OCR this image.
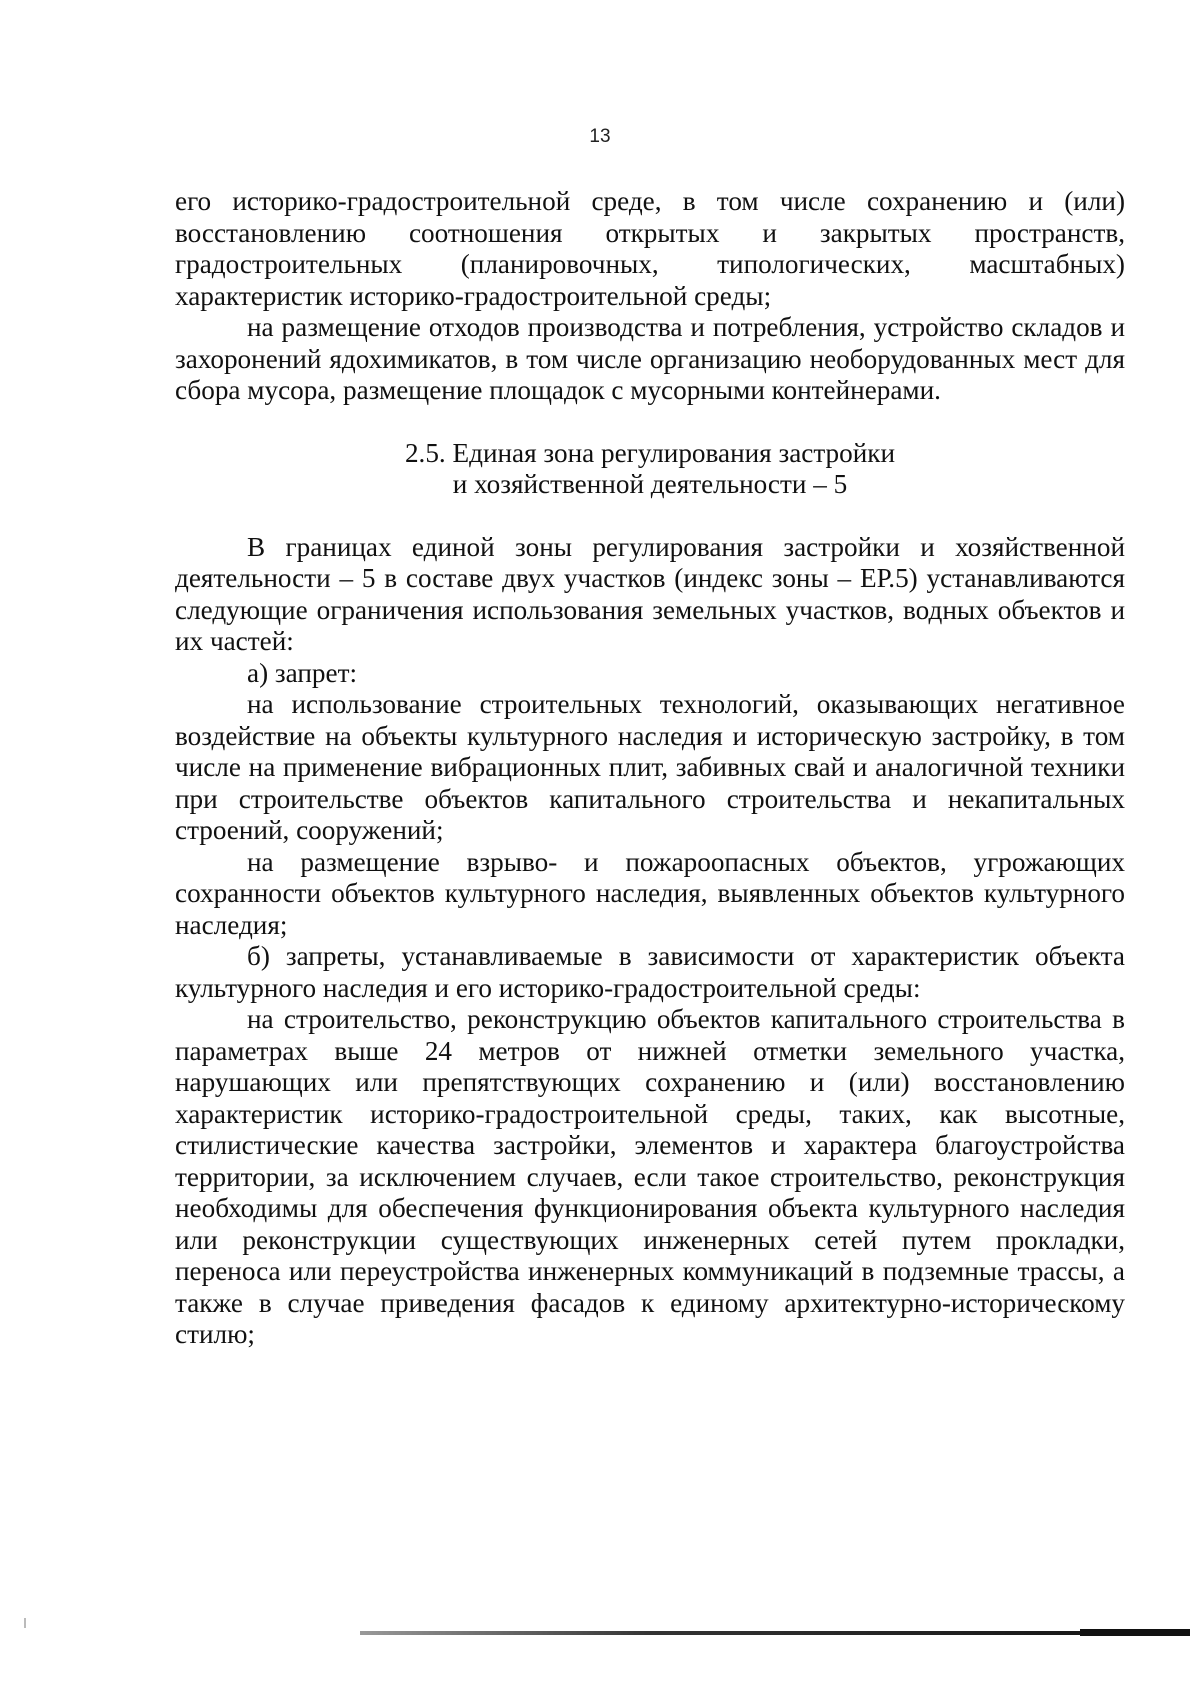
13

его историко-градостроительной среде, в том числе сохранению и (или) восстановлению соотношения открытых и закрытых пространств, градостроительных (планировочных, типологических, масштабных) характеристик историко-градостроительной среды;

на размещение отходов производства и потребления, устройство складов и захоронений ядохимикатов, в том числе организацию необорудованных мест для сбора мусора, размещение площадок с мусорными контейнерами.

2.5. Единая зона регулирования застройки

и хозяйственной деятельности – 5

В границах единой зоны регулирования застройки и хозяйственной деятельности – 5 в составе двух участков (индекс зоны – ЕР.5) устанавливаются следующие ограничения использования земельных участков, водных объектов и их частей:

а) запрет:

на использование строительных технологий, оказывающих негативное воздействие на объекты культурного наследия и историческую застройку, в том числе на применение вибрационных плит, забивных свай и аналогичной техники при строительстве объектов капитального строительства и некапитальных строений, сооружений;

на размещение взрыво- и пожароопасных объектов, угрожающих сохранности объектов культурного наследия, выявленных объектов культурного наследия;

б) запреты, устанавливаемые в зависимости от характеристик объекта культурного наследия и его историко-градостроительной среды:

на строительство, реконструкцию объектов капитального строительства в параметрах выше 24 метров от нижней отметки земельного участка, нарушающих или препятствующих сохранению и (или) восстановлению характеристик историко-градостроительной среды, таких, как высотные, стилистические качества застройки, элементов и характера благоустройства территории, за исключением случаев, если такое строительство, реконструкция необходимы для обеспечения функционирования объекта культурного наследия или реконструкции существующих инженерных сетей путем прокладки, переноса или переустройства инженерных коммуникаций в подземные трассы, а также в случае приведения фасадов к единому архитектурно-историческому стилю;
